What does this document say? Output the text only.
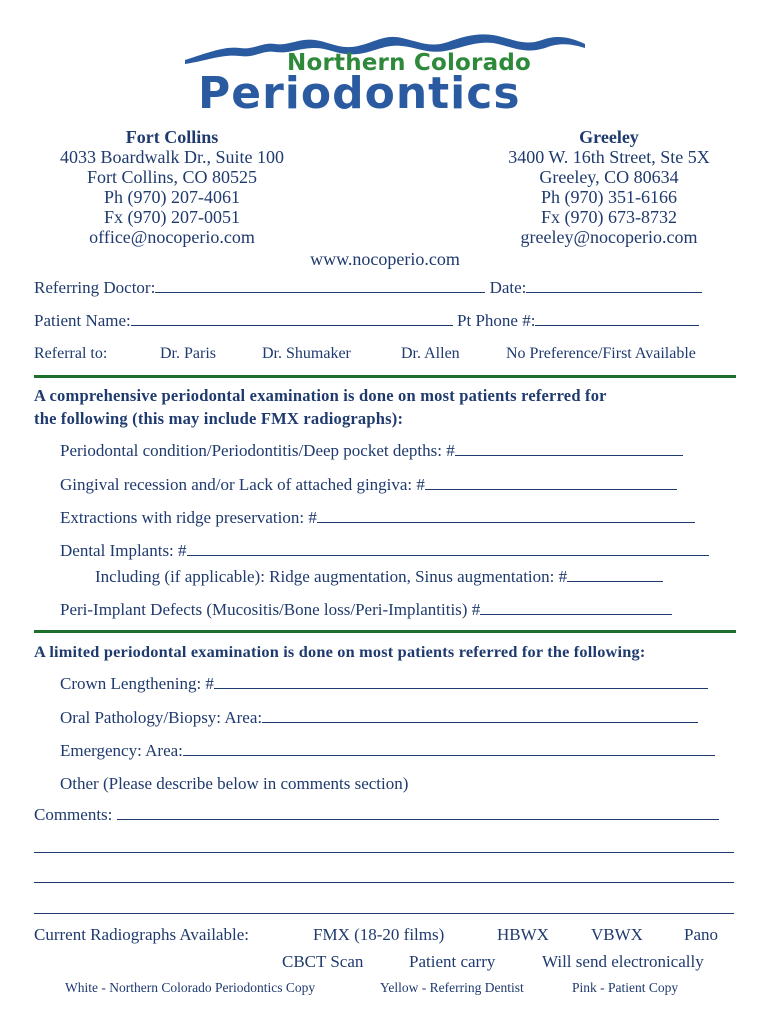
Northern Colorado
Periodontics
Fort Collins
4033 Boardwalk Dr., Suite 100
Fort Collins, CO 80525
Ph (970) 207-4061
Fx (970) 207-0051
office@nocoperio.com
Greeley
3400 W. 16th Street, Ste 5X
Greeley, CO 80634
Ph (970) 351-6166
Fx (970) 673-8732
greeley@nocoperio.com
www.nocoperio.com
Referring Doctor:	Date:
Patient Name:	Pt Phone #:
Referral to:	Dr. Paris	Dr. Shumaker	Dr. Allen	No Preference/First Available
A comprehensive periodontal examination is done on most patients referred for
the following (this may include FMX radiographs):
Periodontal condition/Periodontitis/Deep pocket depths: #
Gingival recession and/or Lack of attached gingiva: #
Extractions with ridge preservation: #
Dental Implants: #
Including (if applicable): Ridge augmentation, Sinus augmentation: #
Peri-Implant Defects (Mucositis/Bone loss/Peri-Implantitis) #
A limited periodontal examination is done on most patients referred for the following:
Crown Lengthening: #
Oral Pathology/Biopsy: Area:
Emergency: Area:
Other (Please describe below in comments section)
Comments:
Current Radiographs Available:	FMX (18-20 films)	HBWX VBWX Pano
CBCT Scan	Patient carry	Will send electronically
White - Northern Colorado Periodontics Copy	Yellow - Referring Dentist	Pink - Patient Copy
